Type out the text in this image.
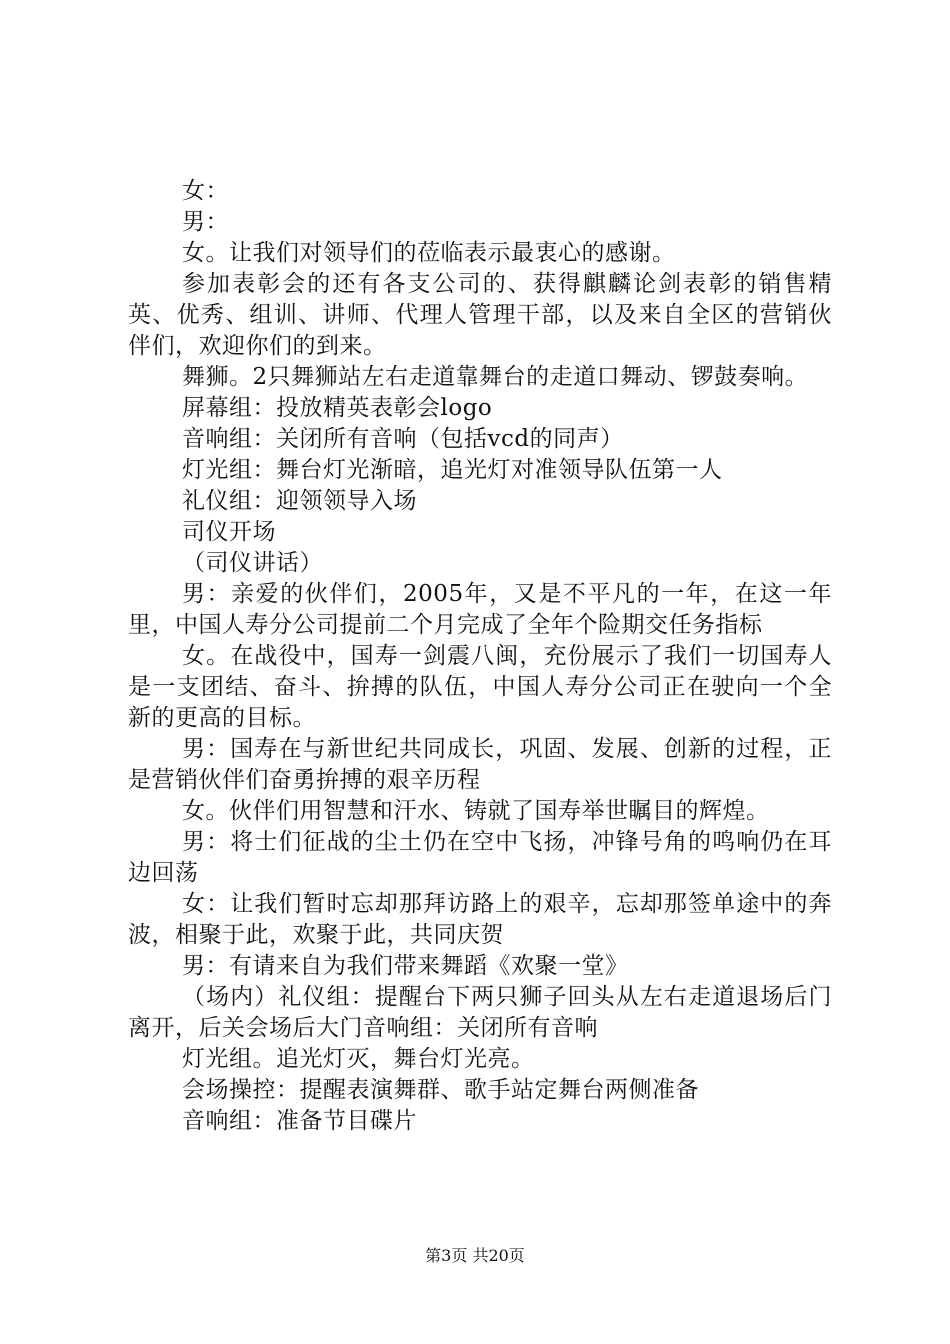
女：

男：

女。让我们对领导们的莅临表示最衷心的感谢。

参加表彰会的还有各支公司的、获得麒麟论剑表彰的销售精英、优秀、组训、讲师、代理人管理干部，以及来自全区的营销伙伴们，欢迎你们的到来。

舞狮。2只舞狮站左右走道靠舞台的走道口舞动、锣鼓奏响。

屏幕组：投放精英表彰会logo

音响组：关闭所有音响（包括vcd的同声）

灯光组：舞台灯光渐暗，追光灯对准领导队伍第一人

礼仪组：迎领领导入场

司仪开场

（司仪讲话）

男：亲爱的伙伴们，2005年，又是不平凡的一年，在这一年里，中国人寿分公司提前二个月完成了全年个险期交任务指标

女。在战役中，国寿一剑震八闽，充份展示了我们一切国寿人是一支团结、奋斗、拚搏的队伍，中国人寿分公司正在驶向一个全新的更高的目标。

男：国寿在与新世纪共同成长，巩固、发展、创新的过程，正是营销伙伴们奋勇拚搏的艰辛历程

女。伙伴们用智慧和汗水、铸就了国寿举世瞩目的辉煌。

男：将士们征战的尘土仍在空中飞扬，冲锋号角的鸣响仍在耳边回荡

女：让我们暂时忘却那拜访路上的艰辛，忘却那签单途中的奔波，相聚于此，欢聚于此，共同庆贺

男：有请来自为我们带来舞蹈《欢聚一堂》

（场内）礼仪组：提醒台下两只狮子回头从左右走道退场后门离开，后关会场后大门音响组：关闭所有音响

灯光组。追光灯灭，舞台灯光亮。

会场操控：提醒表演舞群、歌手站定舞台两侧准备

音响组：准备节目碟片

第3页 共20页
